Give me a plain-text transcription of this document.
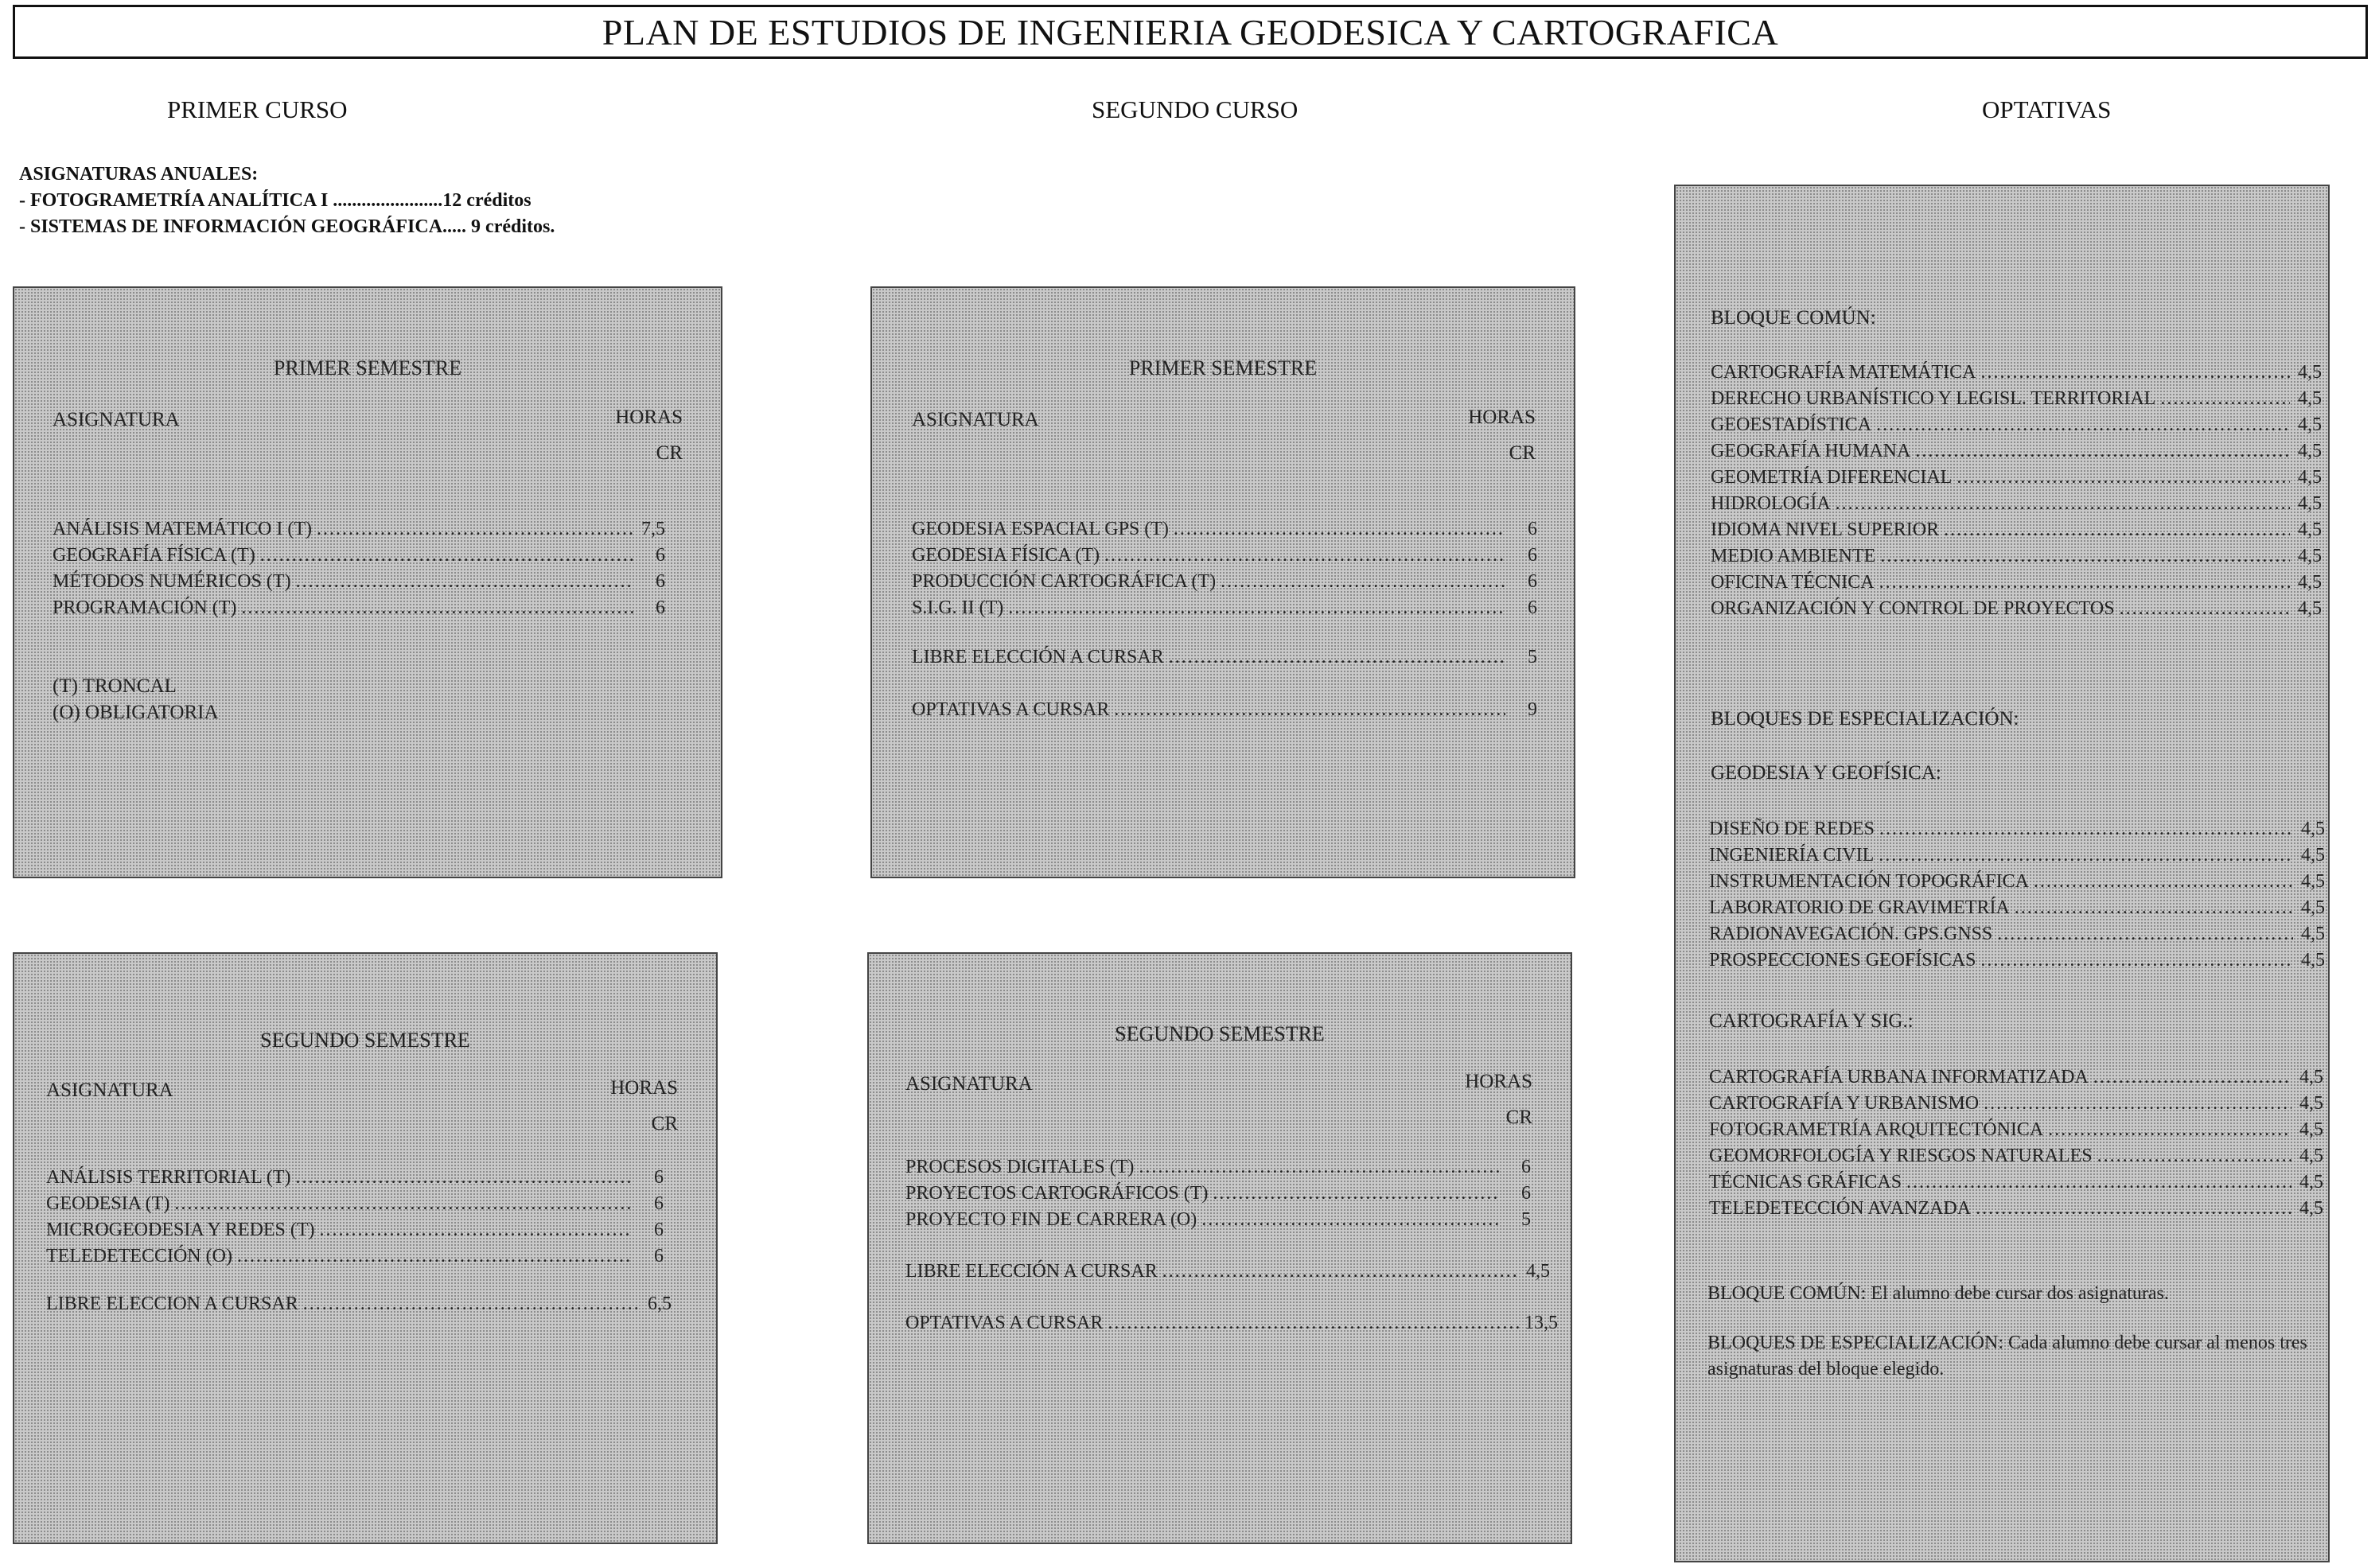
PLAN DE ESTUDIOS DE INGENIERIA GEODESICA Y CARTOGRAFICA
PRIMER CURSO	SEGUNDO CURSO	OPTATIVAS
ASIGNATURAS ANUALES:
- FOTOGRAMETRÍA ANALÍTICA I .......................12 créditos
- SISTEMAS DE INFORMACIÓN GEOGRÁFICA..... 9 créditos.
PRIMER SEMESTRE
ASIGNATURA	HORAS
CR
ANÁLISIS MATEMÁTICO I (T) .....	7,5
GEOGRAFÍA FÍSICA (T) .....	6
MÉTODOS NUMÉRICOS (T) .....	6
PROGRAMACIÓN (T) .....	6
(T) TRONCAL
(O) OBLIGATORIA
SEGUNDO SEMESTRE
ASIGNATURA	HORAS
CR
ANÁLISIS TERRITORIAL (T) .....	6
GEODESIA (T) .....	6
MICROGEODESIA Y REDES (T) .....	6
TELEDETECCIÓN (O) .....	6
LIBRE ELECCION A CURSAR .....	6,5
PRIMER SEMESTRE
ASIGNATURA	HORAS
CR
GEODESIA ESPACIAL GPS (T) .....	6
GEODESIA FÍSICA (T) .....	6
PRODUCCIÓN CARTOGRÁFICA (T) .....	6
S.I.G. II (T) .....	6
LIBRE ELECCIÓN A CURSAR .....	5
OPTATIVAS A CURSAR .....	9
SEGUNDO SEMESTRE
ASIGNATURA	HORAS
CR
PROCESOS DIGITALES (T) .....	6
PROYECTOS CARTOGRÁFICOS (T) .....	6
PROYECTO FIN DE CARRERA (O) .....	5
LIBRE ELECCIÓN A CURSAR .....	4,5
OPTATIVAS A CURSAR .....	13,5
BLOQUE COMÚN:
CARTOGRAFÍA MATEMÁTICA .....	4,5
DERECHO URBANÍSTICO Y LEGISL. TERRITORIAL .....	4,5
GEOESTADÍSTICA .....	4,5
GEOGRAFÍA HUMANA .....	4,5
GEOMETRÍA DIFERENCIAL .....	4,5
HIDROLOGÍA .....	4,5
IDIOMA NIVEL SUPERIOR .....	4,5
MEDIO AMBIENTE .....	4,5
OFICINA TÉCNICA .....	4,5
ORGANIZACIÓN Y CONTROL DE PROYECTOS .....	4,5
BLOQUES DE ESPECIALIZACIÓN:
GEODESIA Y GEOFÍSICA:
DISEÑO DE REDES .....	4,5
INGENIERÍA CIVIL .....	4,5
INSTRUMENTACIÓN TOPOGRÁFICA .....	4,5
LABORATORIO DE GRAVIMETRÍA .....	4,5
RADIONAVEGACIÓN. GPS.GNSS .....	4,5
PROSPECCIONES GEOFÍSICAS .....	4,5
CARTOGRAFÍA Y SIG.:
CARTOGRAFÍA URBANA INFORMATIZADA .....	4,5
CARTOGRAFÍA Y URBANISMO .....	4,5
FOTOGRAMETRÍA ARQUITECTÓNICA .....	4,5
GEOMORFOLOGÍA Y RIESGOS NATURALES .....	4,5
TÉCNICAS GRÁFICAS .....	4,5
TELEDETECCIÓN AVANZADA .....	4,5
BLOQUE COMÚN: El alumno debe cursar dos asignaturas.
BLOQUES DE ESPECIALIZACIÓN: Cada alumno debe cursar al menos tres asignaturas del bloque elegido.
